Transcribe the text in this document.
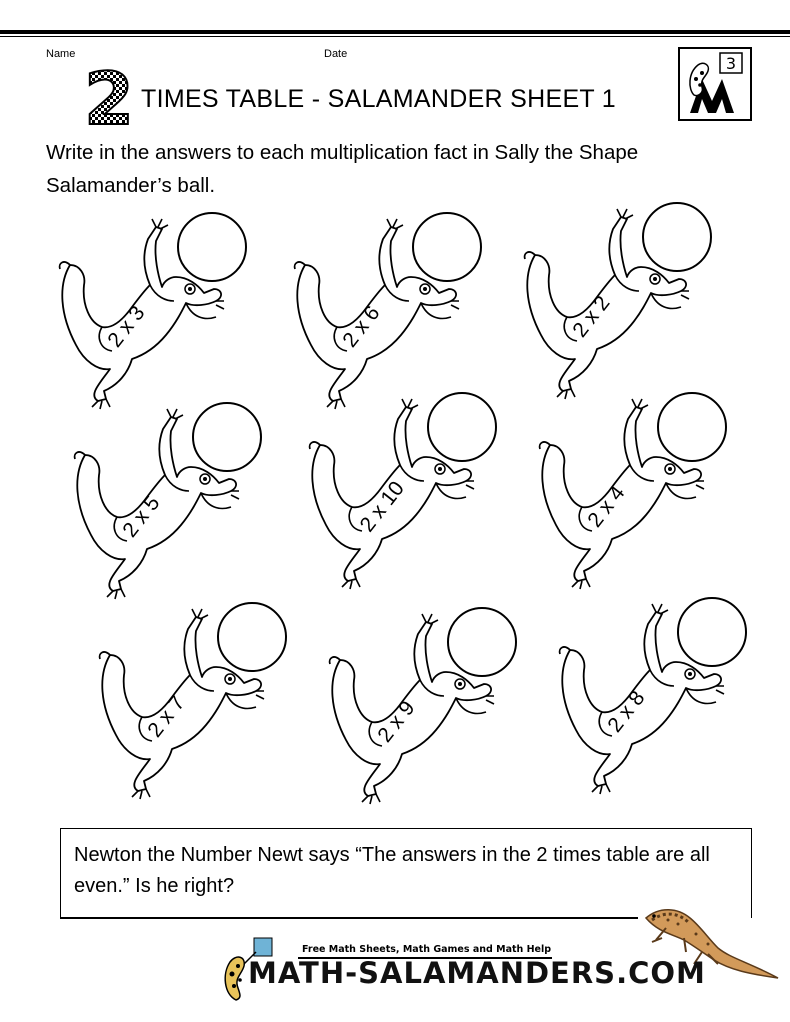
Name	Date
2 TIMES TABLE - SALAMANDER SHEET 1
3
Write in the answers to each multiplication fact in Sally the Shape Salamander’s ball.
2 x 3	2 x 6	2 x 2
2 x 5	2 x 10	2 x 4
2 x 7	2 x 9	2 x 8
Newton the Number Newt says “The answers in the 2 times table are all even.” Is he right?
Free Math Sheets, Math Games and Math Help
MATH-SALAMANDERS.COM
